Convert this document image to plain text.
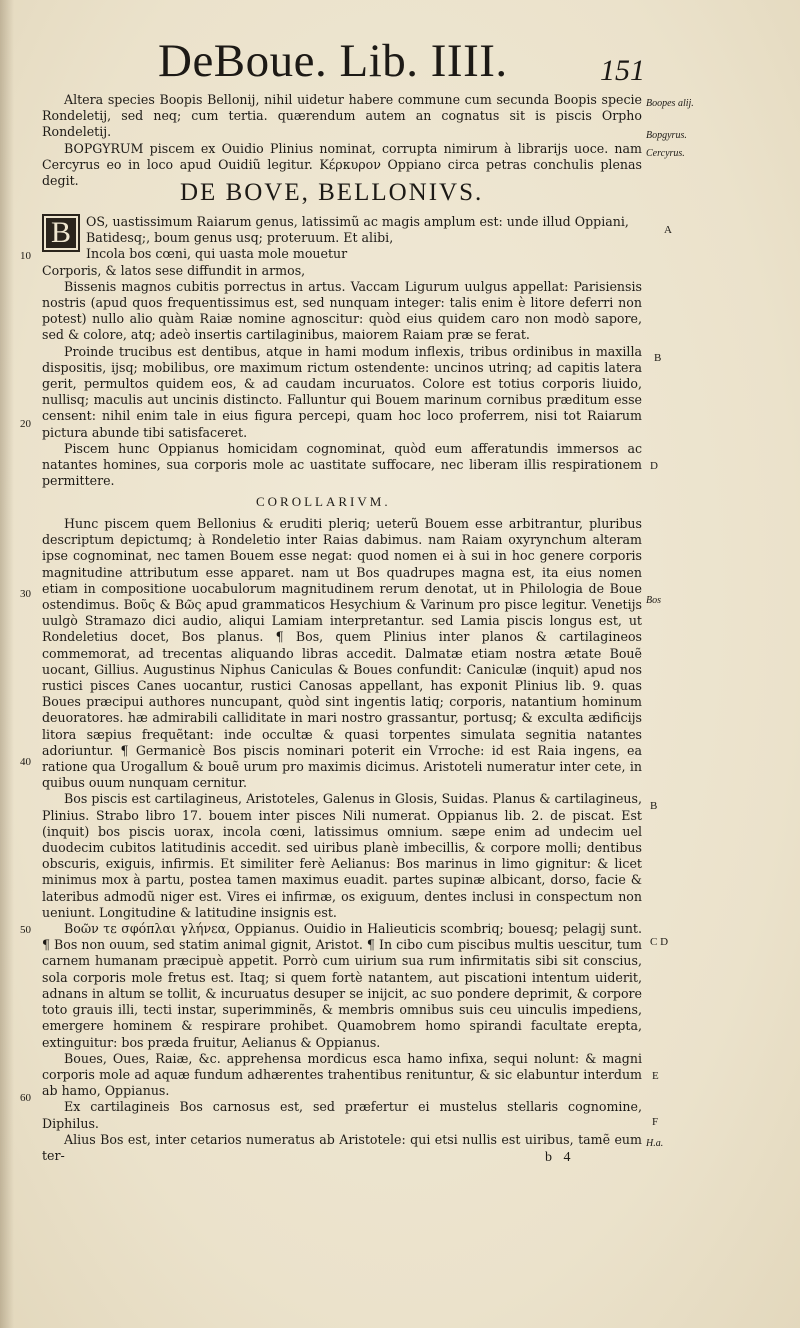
DeBoue. Lib. IIII.	151

Altera species Boopis Bellonij, nihil uidetur habere commune cum secunda Boopis specie Rondeletij, sed neq; cum tertia. quærendum autem an cognatus sit is piscis Orpho Rondeletij.

BOPGYRUM piscem ex Ouidio Plinius nominat, corrupta nimirum à librarijs uoce. nam Cercyrus eo in loco apud Ouidiũ legitur. Κέρκυρον Oppiano circa petras conchulis plenas degit.	DE BOVE, BELLONIVS.
B	OS, uastissimum Raiarum genus, latissimũ ac magis amplum est: unde illud Oppiani,

Batidesq;, boum genus usq; proteruum. Et alibi,

Incola bos cœni, qui uasta mole mouetur

Corporis, & latos sese diffundit in armos,

Bissenis magnos cubitis porrectus in artus. Vaccam Ligurum uulgus appellat: Parisiensis nostris (apud quos frequentissimus est, sed nunquam integer: talis enim è litore deferri non potest) nullo alio quàm Raiæ nomine agnoscitur: quòd eius quidem caro non modò sapore, sed & colore, atq; adeò insertis cartilaginibus, maiorem Raiam præ se ferat.

Proinde trucibus est dentibus, atque in hami modum inflexis, tribus ordinibus in maxilla dispositis, ijsq; mobilibus, ore maximum rictum ostendente: uncinos utrinq; ad capitis latera gerit, permultos quidem eos, & ad caudam incuruatos. Colore est totius corporis liuido, nullisq; maculis aut uncinis distincto. Falluntur qui Bouem marinum cornibus præditum esse censent: nihil enim tale in eius figura percepi, quam hoc loco proferrem, nisi tot Raiarum pictura abunde tibi satisfaceret.

Piscem hunc Oppianus homicidam cognominat, quòd eum afferatundis immersos ac natantes homines, sua corporis mole ac uastitate suffocare, nec liberam illis respirationem permittere.

COROLLARIVM.

Hunc piscem quem Bellonius & eruditi pleriq; ueterũ Bouem esse arbitrantur, pluribus descriptum depictumq; à Rondeletio inter Raias dabimus. nam Raiam oxyrynchum alteram ipse cognominat, nec tamen Bouem esse negat: quod nomen ei à sui in hoc genere corporis magnitudine attributum esse apparet. nam ut Bos quadrupes magna est, ita eius nomen etiam in compositione uocabulorum magnitudinem rerum denotat, ut in Philologia de Boue ostendimus. Βοῦς & Βῶς apud grammaticos Hesychium & Varinum pro pisce legitur. Venetijs uulgò Stramazo dici audio, aliqui Lamiam interpretantur. sed Lamia piscis longus est, ut Rondeletius docet, Bos planus. ¶ Bos, quem Plinius inter planos & cartilagineos commemorat, ad trecentas aliquando libras accedit. Dalmatæ etiam nostra ætate Bouẽ uocant, Gillius. Augustinus Niphus Caniculas & Boues confundit: Caniculæ (inquit) apud nos rustici pisces Canes uocantur, rustici Canosas appellant, has exponit Plinius lib. 9. quas Boues præcipui authores nuncupant, quòd sint ingentis latiq; corporis, natantium hominum deuoratores. hæ admirabili calliditate in mari nostro grassantur, portusq; & exculta ædificijs litora sæpius frequẽtant: inde occultæ & quasi torpentes simulata segnitia natantes adoriuntur. ¶ Germanicè Bos piscis nominari poterit ein Vrroche: id est Raia ingens, ea ratione qua Urogallum & bouẽ urum pro maximis dicimus. Aristoteli numeratur inter cete, in quibus ouum nunquam cernitur.

Bos piscis est cartilagineus, Aristoteles, Galenus in Glosis, Suidas. Planus & cartilagineus, Plinius. Strabo libro 17. bouem inter pisces Nili numerat. Oppianus lib. 2. de piscat. Est (inquit) bos piscis uorax, incola cœni, latissimus omnium. sæpe enim ad undecim uel duodecim cubitos latitudinis accedit. sed uiribus planè imbecillis, & corpore molli; dentibus obscuris, exiguis, infirmis. Et similiter ferè Aelianus: Bos marinus in limo gignitur: & licet minimus mox à partu, postea tamen maximus euadit. partes supinæ albicant, dorso, facie & lateribus admodũ niger est. Vires ei infirmæ, os exiguum, dentes inclusi in conspectum non ueniunt. Longitudine & latitudine insignis est.

Βοῶν τε σφόπλαι γλήνεα, Oppianus. Ouidio in Halieuticis scombriq; bouesq; pelagij sunt. ¶ Bos non ouum, sed statim animal gignit, Aristot. ¶ In cibo cum piscibus multis uescitur, tum carnem humanam præcipuè appetit. Porrò cum uirium sua rum infirmitatis sibi sit conscius, sola corporis mole fretus est. Itaq; si quem fortè natantem, aut piscationi intentum uiderit, adnans in altum se tollit, & incuruatus desuper se inijcit, ac suo pondere deprimit, & corpore toto grauis illi, tecti instar, superimminẽs, & membris omnibus suis ceu uinculis impediens, emergere hominem & respirare prohibet. Quamobrem homo spirandi facultate erepta, extinguitur: bos præda fruitur, Aelianus & Oppianus.

Boues, Oues, Raiæ, &c. apprehensa mordicus esca hamo infixa, sequi nolunt: & magni corporis mole ad aquæ fundum adhærentes trahentibus renituntur, & sic elabuntur interdum ab hamo, Oppianus.

Ex cartilagineis Bos carnosus est, sed præfertur ei mustelus stellaris cognomine, Diphilus.

Alius Bos est, inter cetarios numeratus ab Aristotele: qui etsi nullis est uiribus, tamẽ eum ter-

10
20
30
40
50
60
Boopes alij.
Bopgyrus.
Cercyrus.
Bos
H.a.
A
B
D
B
C D
E
F
b 4
